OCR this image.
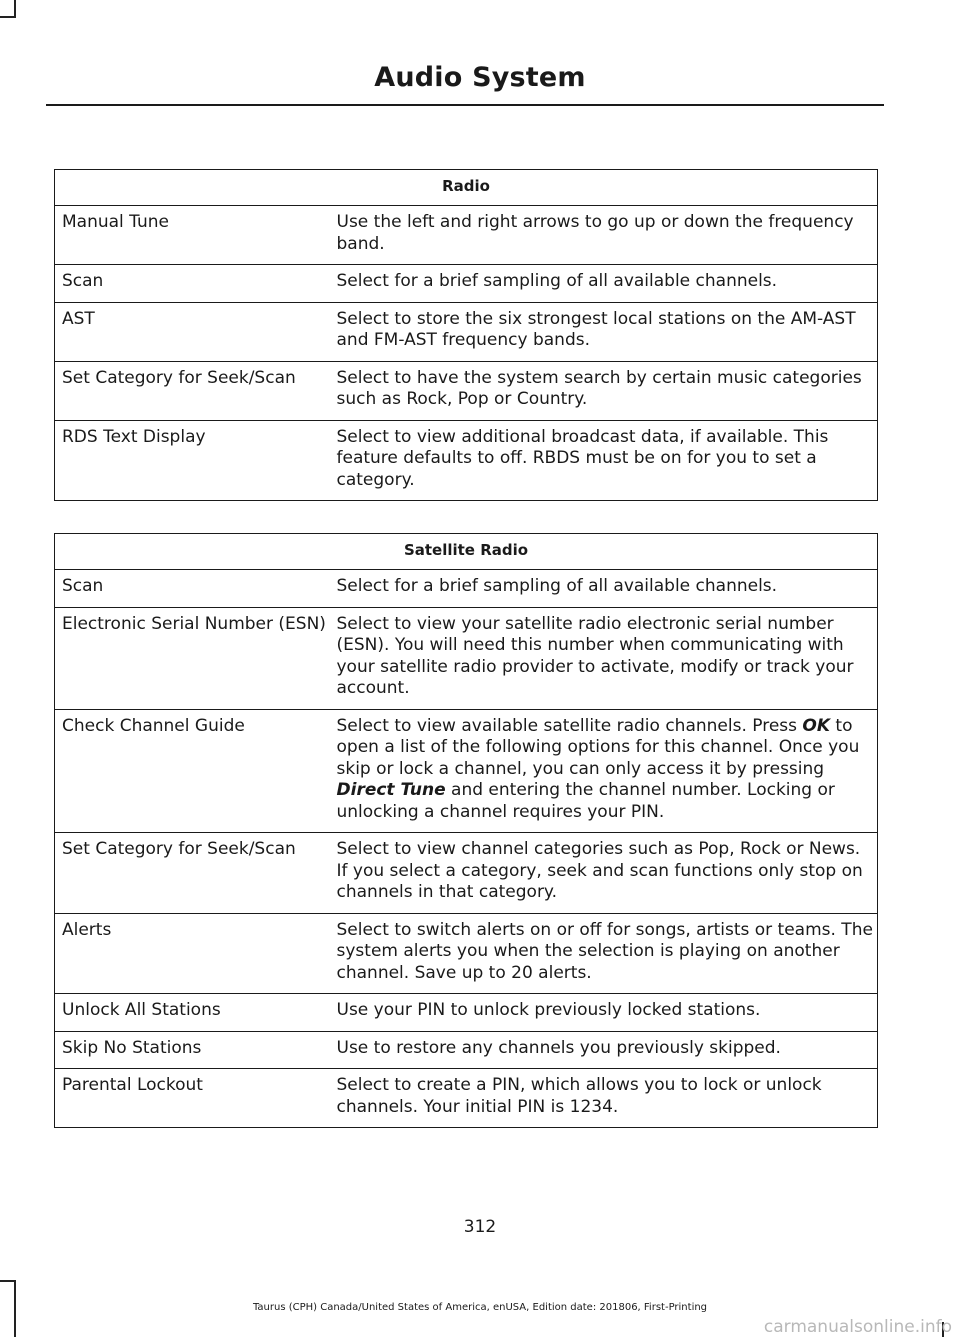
Audio System
Radio	
Manual Tune	Use the left and right arrows to go up or down the frequency band.
Scan	Select for a brief sampling of all available channels.
AST	Select to store the six strongest local stations on the AM-AST and FM-AST frequency bands.
Set Category for Seek/Scan	Select to have the system search by certain music categories such as Rock, Pop or Country.
RDS Text Display	Select to view additional broadcast data, if available. This feature defaults to off. RBDS must be on for you to set a category.
Satellite Radio	
Scan	Select for a brief sampling of all available channels.
Electronic Serial Number (ESN)	Select to view your satellite radio electronic serial number (ESN). You will need this number when communicating with your satellite radio provider to activate, modify or track your account.
Check Channel Guide	Select to view available satellite radio channels. Press OK to open a list of the following options for this channel. Once you skip or lock a channel, you can only access it by pressing Direct Tune and entering the channel number. Locking or unlocking a channel requires your PIN.
Set Category for Seek/Scan	Select to view channel categories such as Pop, Rock or News. If you select a category, seek and scan functions only stop on channels in that category.
Alerts	Select to switch alerts on or off for songs, artists or teams. The system alerts you when the selection is playing on another channel. Save up to 20 alerts.
Unlock All Stations	Use your PIN to unlock previously locked stations.
Skip No Stations	Use to restore any channels you previously skipped.
Parental Lockout	Select to create a PIN, which allows you to lock or unlock channels. Your initial PIN is 1234.
312
Taurus (CPH) Canada/United States of America, enUSA, Edition date: 201806, First-Printing
carmanualsonline.info
